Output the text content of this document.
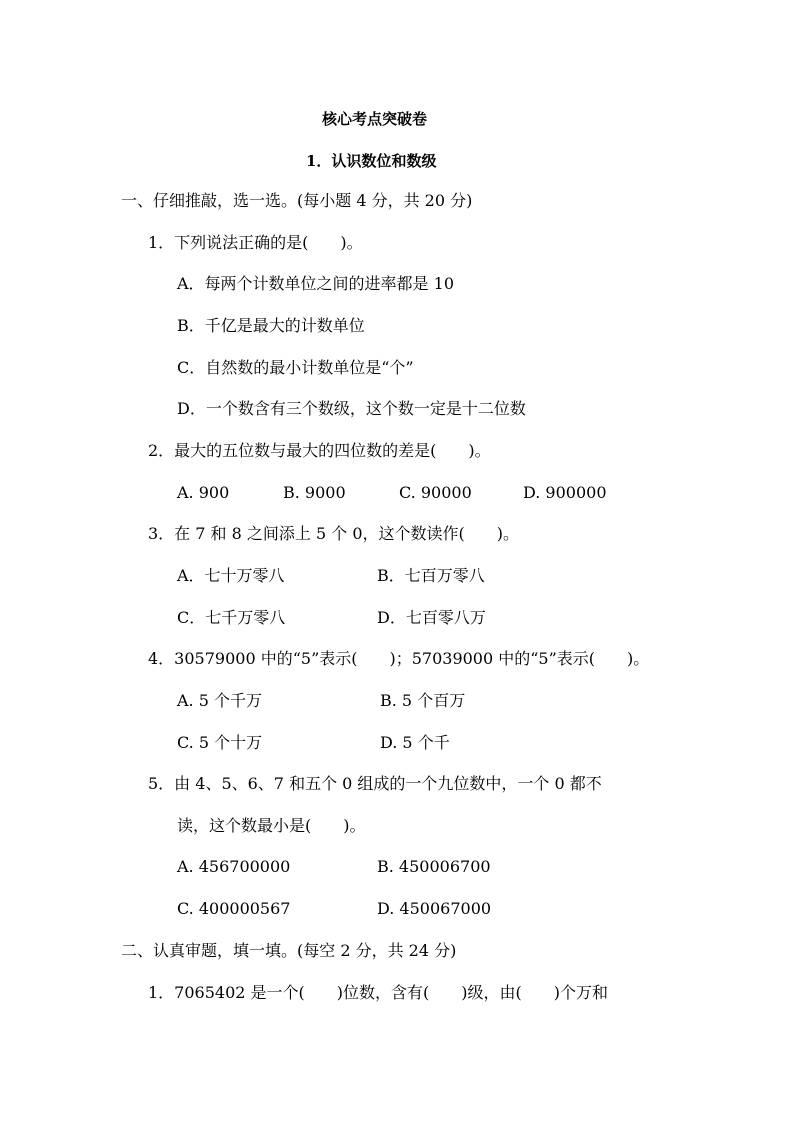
核心考点突破卷
1．认识数位和数级
一、仔细推敲，选一选。(每小题 4 分，共 20 分)
1．下列说法正确的是(　　)。
A．每两个计数单位之间的进率都是 10
B．千亿是最大的计数单位
C．自然数的最小计数单位是“个”
D．一个数含有三个数级，这个数一定是十二位数
2．最大的五位数与最大的四位数的差是(　　)。
A. 900	B. 9000	C. 90000	D. 900000
3．在 7 和 8 之间添上 5 个 0，这个数读作(　　)。
A．七十万零八	B．七百万零八
C．七千万零八	D．七百零八万
4．30579000 中的“5”表示(　　)；57039000 中的“5”表示(　　)。
A. 5 个千万	B. 5 个百万
C. 5 个十万	D. 5 个千
5．由 4、5、6、7 和五个 0 组成的一个九位数中，一个 0 都不
读，这个数最小是(　　)。
A. 456700000	B. 450006700
C. 400000567	D. 450067000
二、认真审题，填一填。(每空 2 分，共 24 分)
1．7065402 是一个(　　)位数，含有(　　)级，由(　　)个万和
